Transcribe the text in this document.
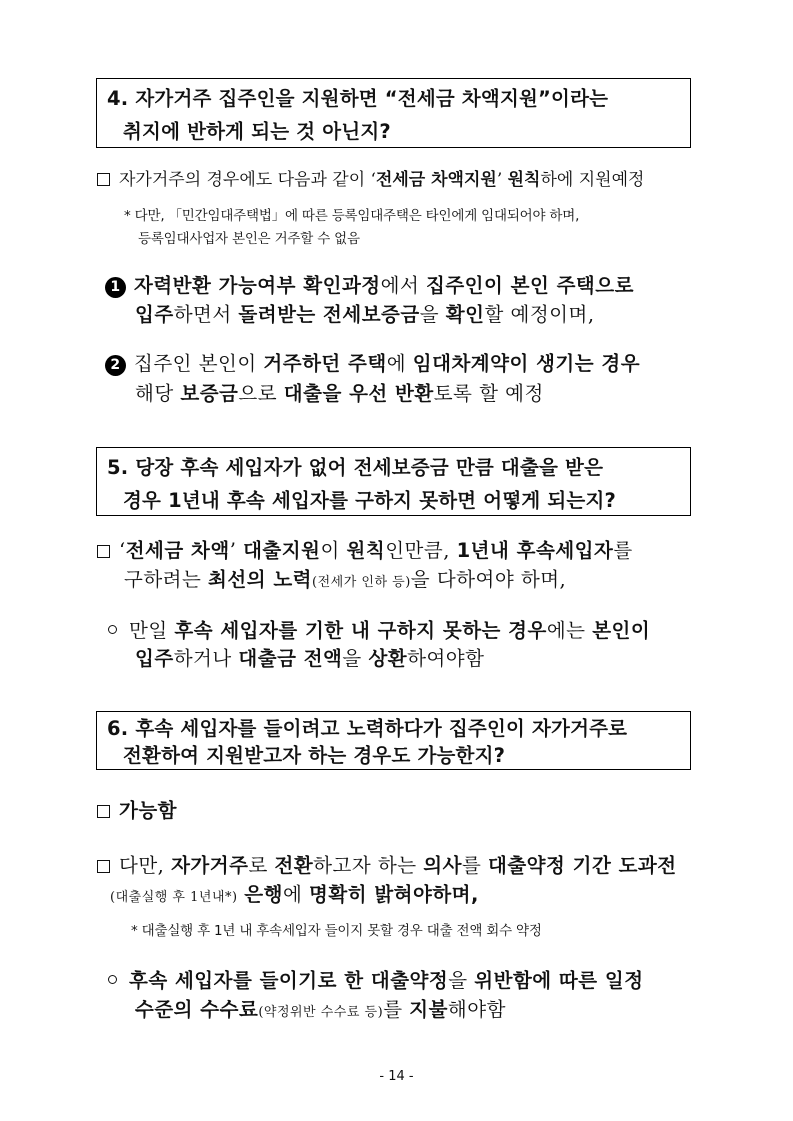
4. 자가거주 집주인을 지원하면 “전세금 차액지원”이라는
취지에 반하게 되는 것 아닌지?
자가거주의 경우에도 다음과 같이 ‘전세금 차액지원’ 원칙하에 지원예정
* 다만, 「민간임대주택법」에 따른 등록임대주택은 타인에게 임대되어야 하며,
등록임대사업자 본인은 거주할 수 없음
1 자력반환 가능여부 확인과정에서 집주인이 본인 주택으로
입주하면서 돌려받는 전세보증금을 확인할 예정이며,
2 집주인 본인이 거주하던 주택에 임대차계약이 생기는 경우
해당 보증금으로 대출을 우선 반환토록 할 예정
5. 당장 후속 세입자가 없어 전세보증금 만큼 대출을 받은
경우 1년내 후속 세입자를 구하지 못하면 어떻게 되는지?
‘전세금 차액’ 대출지원이 원칙인만큼, 1년내 후속세입자를
구하려는 최선의 노력(전세가 인하 등)을 다하여야 하며,
만일 후속 세입자를 기한 내 구하지 못하는 경우에는 본인이
입주하거나 대출금 전액을 상환하여야함
6. 후속 세입자를 들이려고 노력하다가 집주인이 자가거주로
전환하여 지원받고자 하는 경우도 가능한지?
가능함
다만, 자가거주로 전환하고자 하는 의사를 대출약정 기간 도과전
(대출실행 후 1년내*) 은행에 명확히 밝혀야하며,
* 대출실행 후 1년 내 후속세입자 들이지 못할 경우 대출 전액 회수 약정
후속 세입자를 들이기로 한 대출약정을 위반함에 따른 일정
수준의 수수료(약정위반 수수료 등)를 지불해야함
- 14 -
